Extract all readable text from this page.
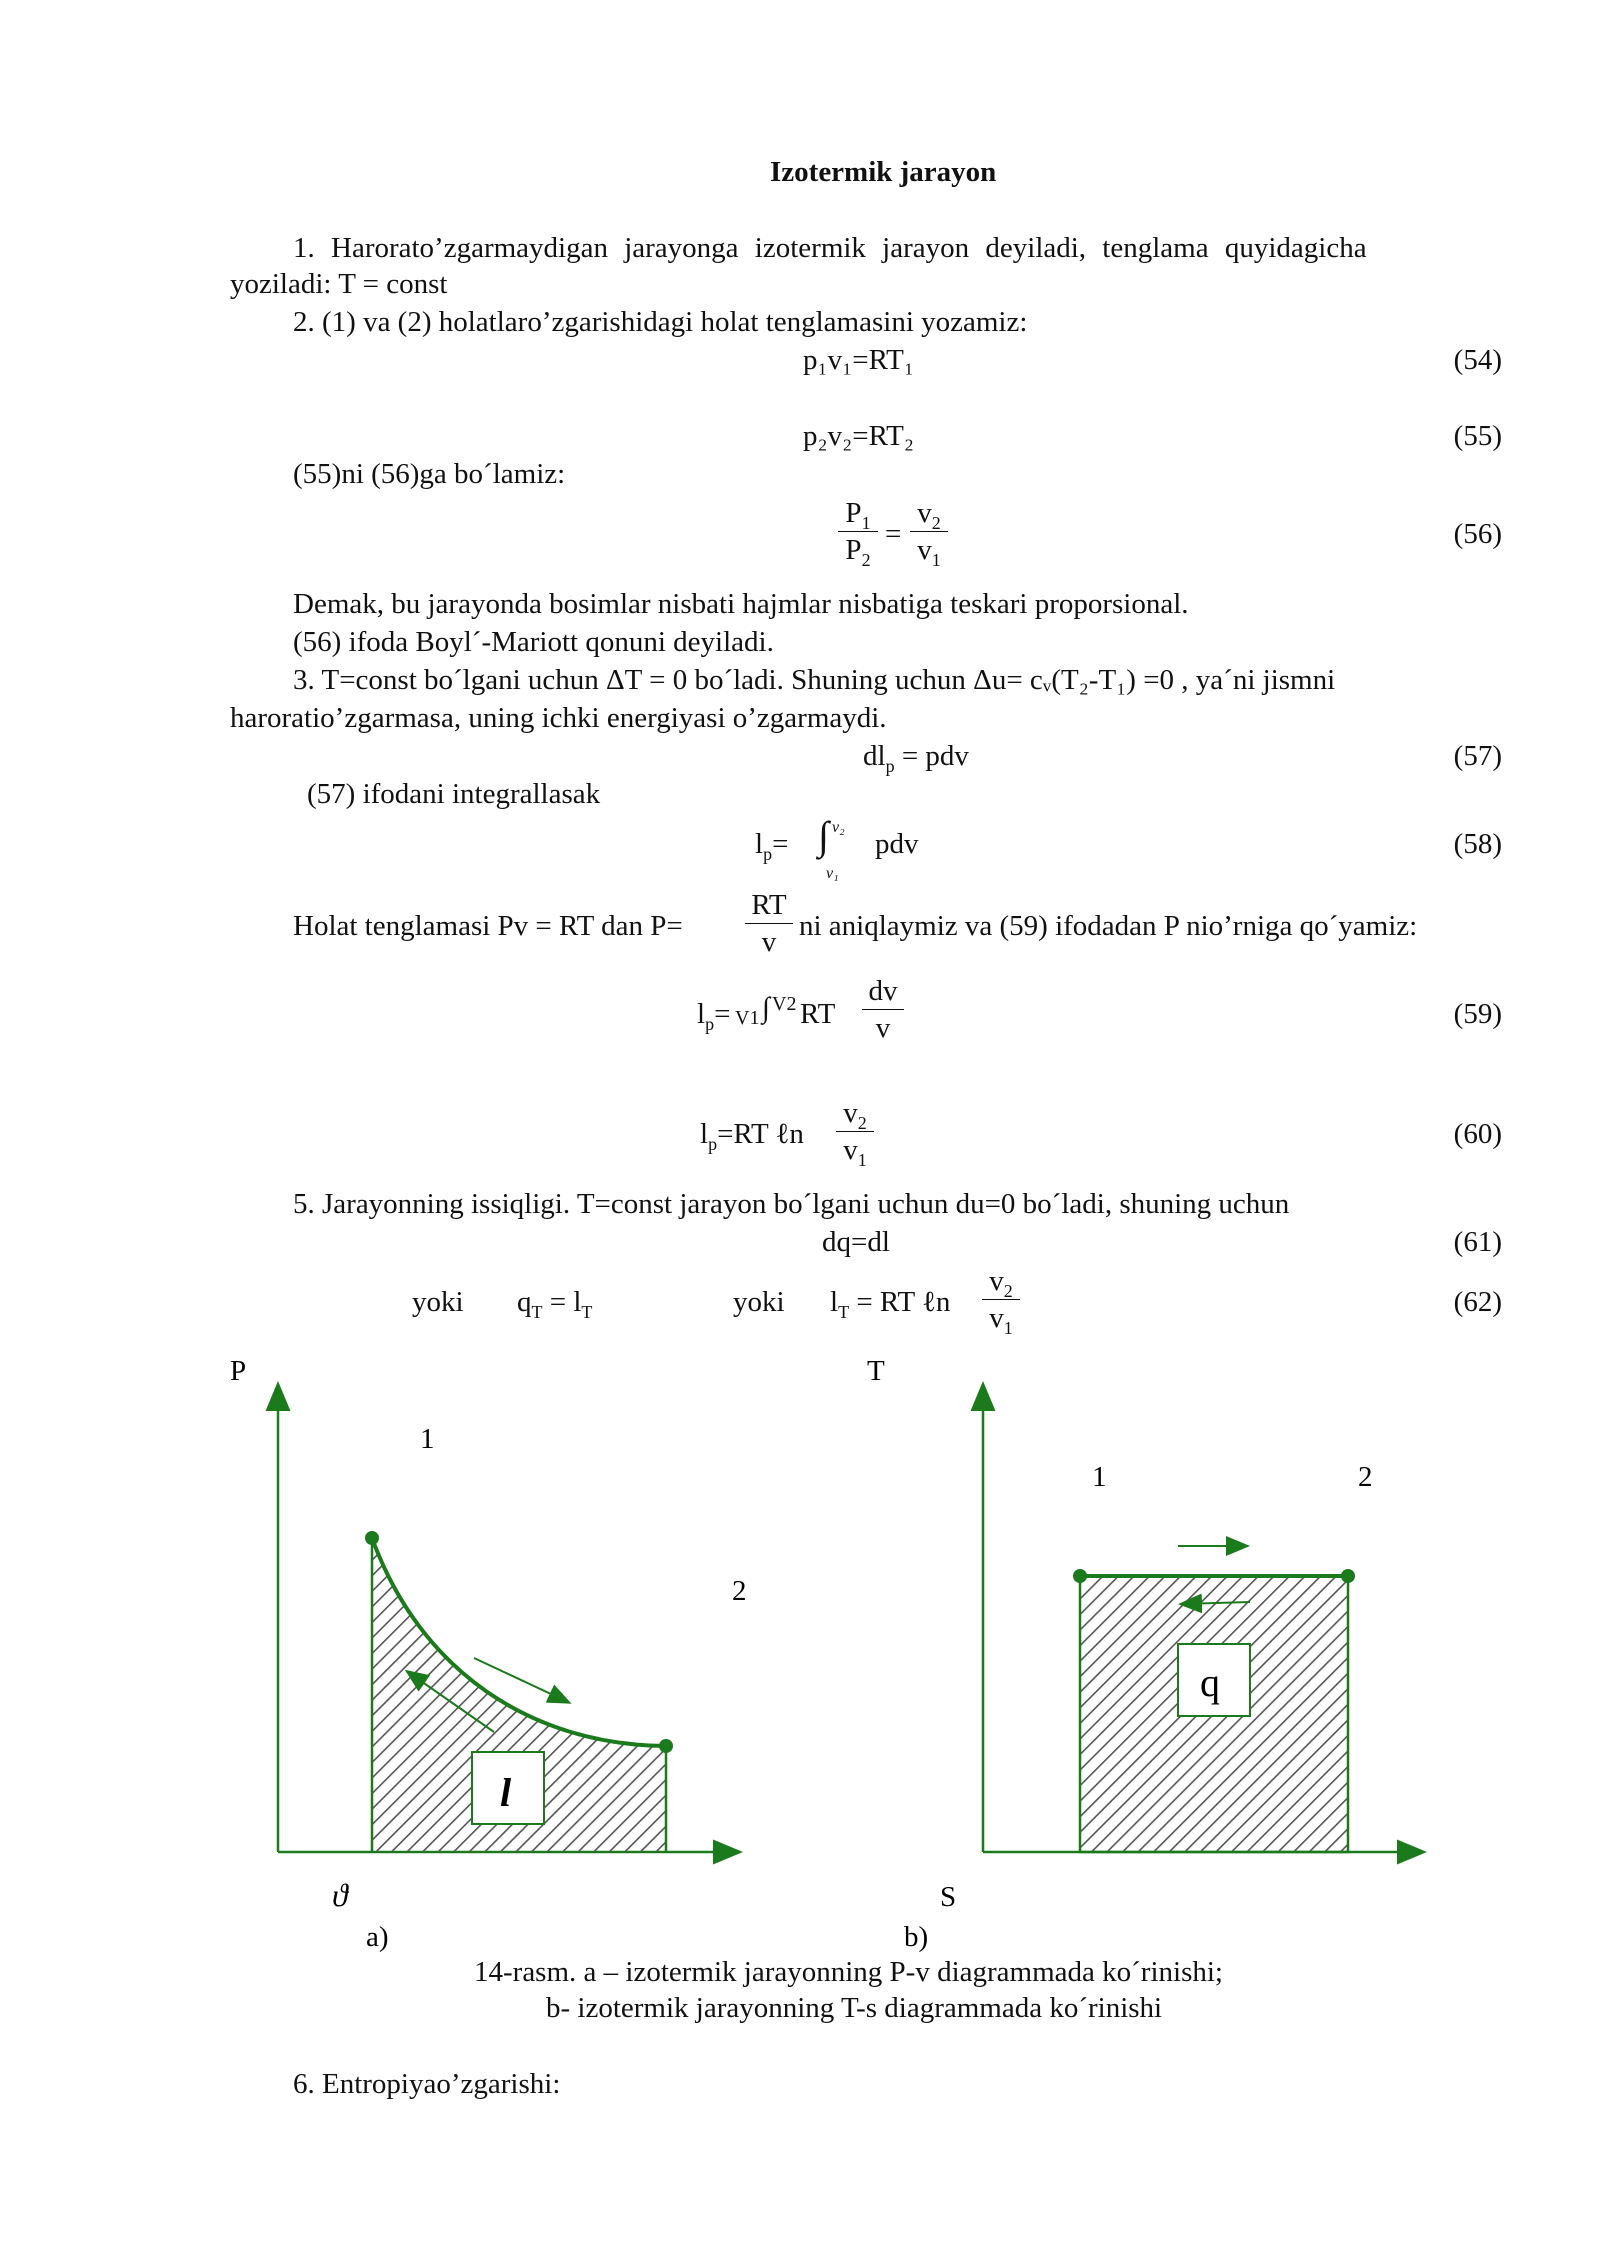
Izotermik jarayon
1. Harorato’zgarmaydigan jarayonga izotermik jarayon deyiladi, tenglama quyidagicha
yoziladi: T = const
2. (1) va (2) holatlaro’zgarishidagi holat tenglamasini yozamiz:
p₁v₁=RT₁	(54)
p₂v₂=RT₂	(55)
(55)ni (56)ga bo´lamiz:
$P_1$
$P_2$
=
$v_2$
$v_1$
(56)
Demak, bu jarayonda bosimlar nisbati hajmlar nisbatiga teskari proporsional.
(56) ifoda Boyl´-Mariott qonuni deyiladi.
3. T=const bo´lgani uchun ΔT = 0 bo´ladi. Shuning uchun Δu= cᵥ(T₂-T₁) =0 , ya´ni jismni
haroratio’zgarmasa, uning ichki energiyasi o’zgarmaydi.
$dl_p$ = pdv	(57)
(57) ifodani integrallasak
$l_p=$ ∫ v₂
v₁
pdv	(58)
Holat tenglamasi Pv = RT dan P=
RT
v ni aniqlaymiz va (59) ifodadan P nio’rniga qo´yamiz:
$l_p= V1$ ∫ V2 RT
dv
v	(59)
$l_p=RT$ ℓn
$v_2$
$v_1$
(60)
5. Jarayonning issiqligi. T=const jarayon bo´lgani uchun du=0 bo´ladi, shuning uchun
dq=dl	(61)
yoki $q_T = l_T$	yoki $l_T$ = RT ℓn
$v_2$
$v_1$
(62)
P
l
1
2
ϑ
a)
T
q
1	2
S
b)
14-rasm. a – izotermik jarayonning P-v diagrammada ko´rinishi;
b- izotermik jarayonning T-s diagrammada ko´rinishi
6. Entropiyao’zgarishi:
